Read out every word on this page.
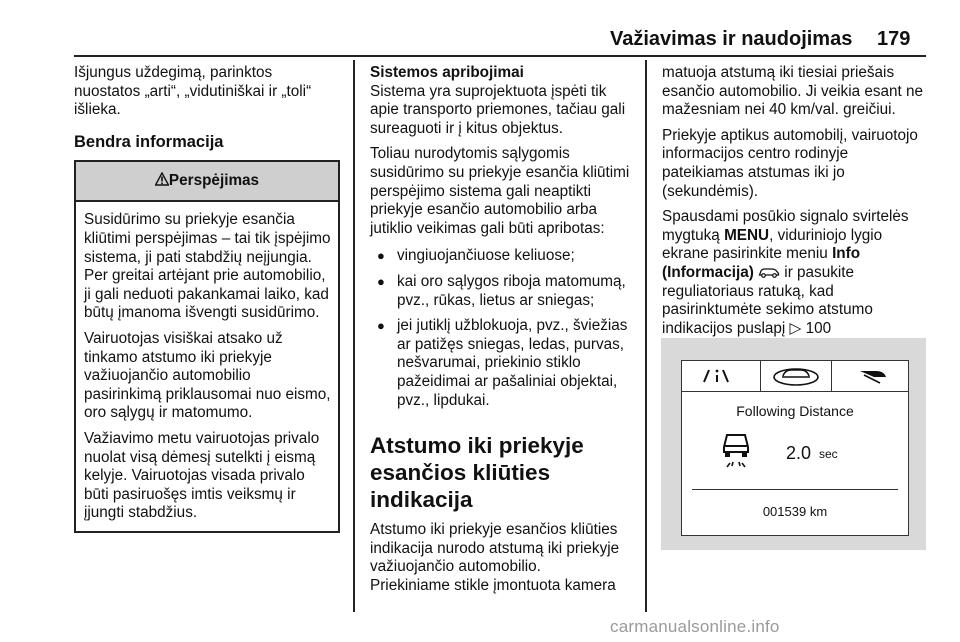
Važiavimas ir naudojimas 179

Išjungus uždegimą, parinktos nuostatos „arti“, „vidutiniškai ir „toli“ išlieka.

Bendra informacija
Perspėjimas

Susidūrimo su priekyje esančia kliūtimi perspėjimas – tai tik įspėjimo sistema, ji pati stabdžių neįjungia. Per greitai artėjant prie automobilio, ji gali neduoti pakankamai laiko, kad būtų įmanoma išvengti susidūrimo.

Vairuotojas visiškai atsako už tinkamo atstumo iki priekyje važiuojančio automobilio pasirinkimą priklausomai nuo eismo, oro sąlygų ir matomumo.

Važiavimo metu vairuotojas privalo nuolat visą dėmesį sutelkti į eismą kelyje. Vairuotojas visada privalo būti pasiruošęs imtis veiksmų ir įjungti stabdžius.

Sistemos apribojimai

Sistema yra suprojektuota įspėti tik apie transporto priemones, tačiau gali sureaguoti ir į kitus objektus.

Toliau nurodytomis sąlygomis susidūrimo su priekyje esančia kliūtimi perspėjimo sistema gali neaptikti priekyje esančio automobilio arba jutiklio veikimas gali būti apribotas:

● vingiuojančiuose keliuose;
● kai oro sąlygos riboja matomumą, pvz., rūkas, lietus ar sniegas;
● jei jutiklį užblokuoja, pvz., šviežias ar patižęs sniegas, ledas, purvas, nešvarumai, priekinio stiklo pažeidimai ar pašaliniai objektai, pvz., lipdukai.
Atstumo iki priekyje esančios kliūties indikacija
Atstumo iki priekyje esančios kliūties indikacija nurodo atstumą iki priekyje važiuojančio automobilio.
Priekiniame stikle įmontuota kamera

matuoja atstumą iki tiesiai priešais esančio automobilio. Ji veikia esant ne mažesniam nei 40 km/val. greičiui.

Priekyje aptikus automobilį, vairuotojo informacijos centro rodinyje pateikiamas atstumas iki jo (sekundėmis).

Spausdami posūkio signalo svirtelės mygtuką MENU, viduriniojo lygio ekrane pasirinkite meniu Info (Informacija)  ir pasukite reguliatoriaus ratuką, kad pasirinktumėte sekimo atstumo indikacijos puslapį ▷ 100

Following Distance
2.0 sec
001539 km
carmanualsonline.info
